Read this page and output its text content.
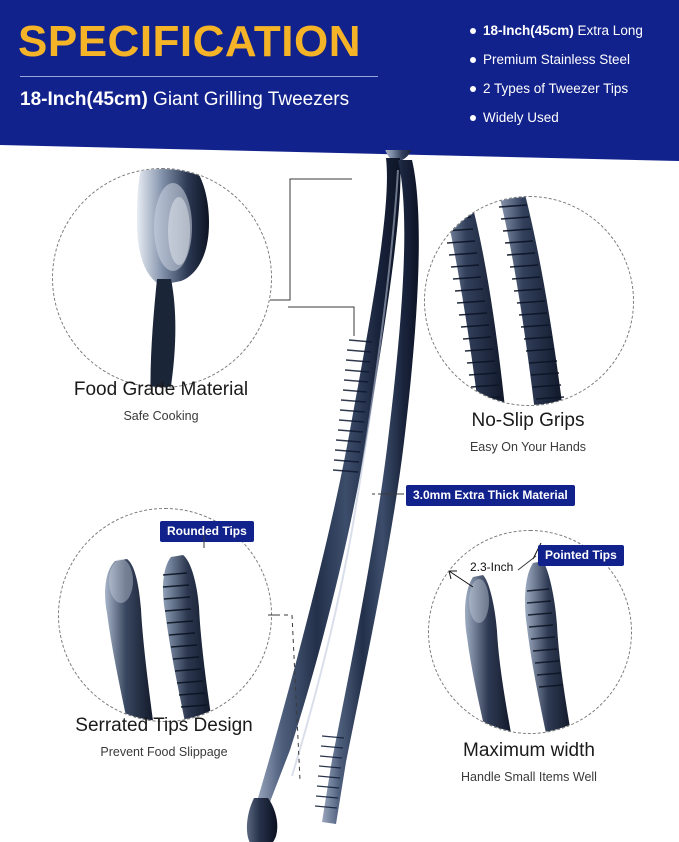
SPECIFICATION
18-Inch(45cm) Giant Grilling Tweezers
18-Inch(45cm) Extra Long
Premium Stainless Steel
2 Types of Tweezer Tips
Widely Used
Food Grade Material
Safe Cooking	No-Slip Grips
Easy On Your Hands
Serrated Tips Design
Prevent Food Slippage	Maximum width
Handle Small Items Well
3.0mm Extra Thick Material
Rounded Tips
Pointed Tips
2.3-Inch
